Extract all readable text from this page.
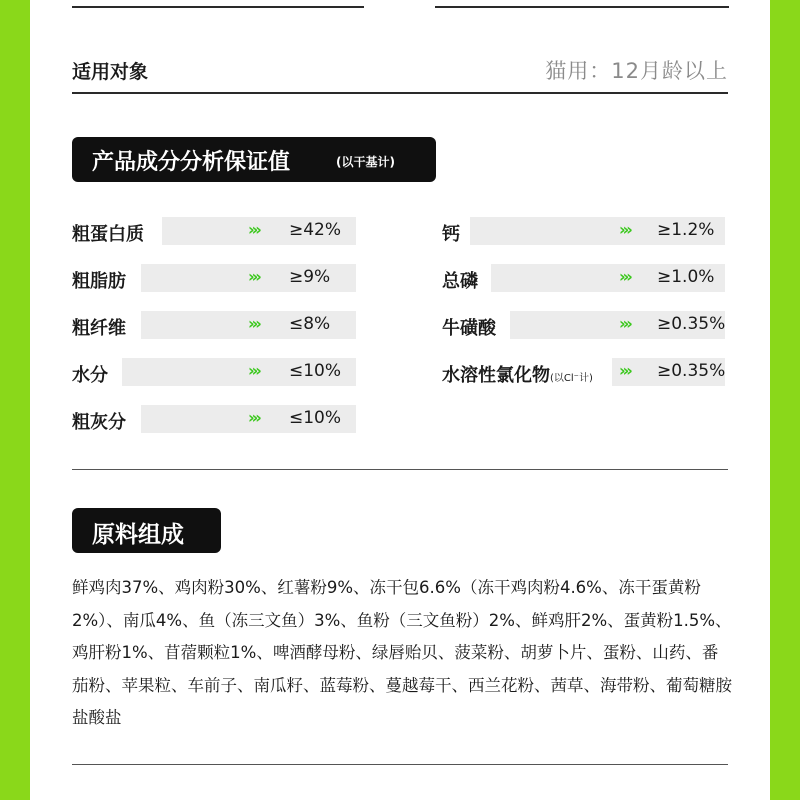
适用对象	猫用：12月龄以上
产品成分分析保证值	(以干基计)
粗蛋白质	››› ≥42%
粗脂肪	››› ≥9%
粗纤维	››› ≤8%
水分	››› ≤10%
粗灰分	››› ≤10%
钙	››› ≥1.2%
总磷	››› ≥1.0%
牛磺酸	››› ≥0.35%
水溶性氯化物(以Cl⁻计) ››› ≥0.35%
原料组成
鲜鸡肉37%、鸡肉粉30%、红薯粉9%、冻干包6.6%（冻干鸡肉粉4.6%、冻干蛋黄粉2%）、南瓜4%、鱼（冻三文鱼）3%、鱼粉（三文鱼粉）2%、鲜鸡肝2%、蛋黄粉1.5%、鸡肝粉1%、苜蓿颗粒1%、啤酒酵母粉、绿唇贻贝、菠菜粉、胡萝卜片、蛋粉、山药、番茄粉、苹果粒、车前子、南瓜籽、蓝莓粉、蔓越莓干、西兰花粉、茜草、海带粉、葡萄糖胺盐酸盐
